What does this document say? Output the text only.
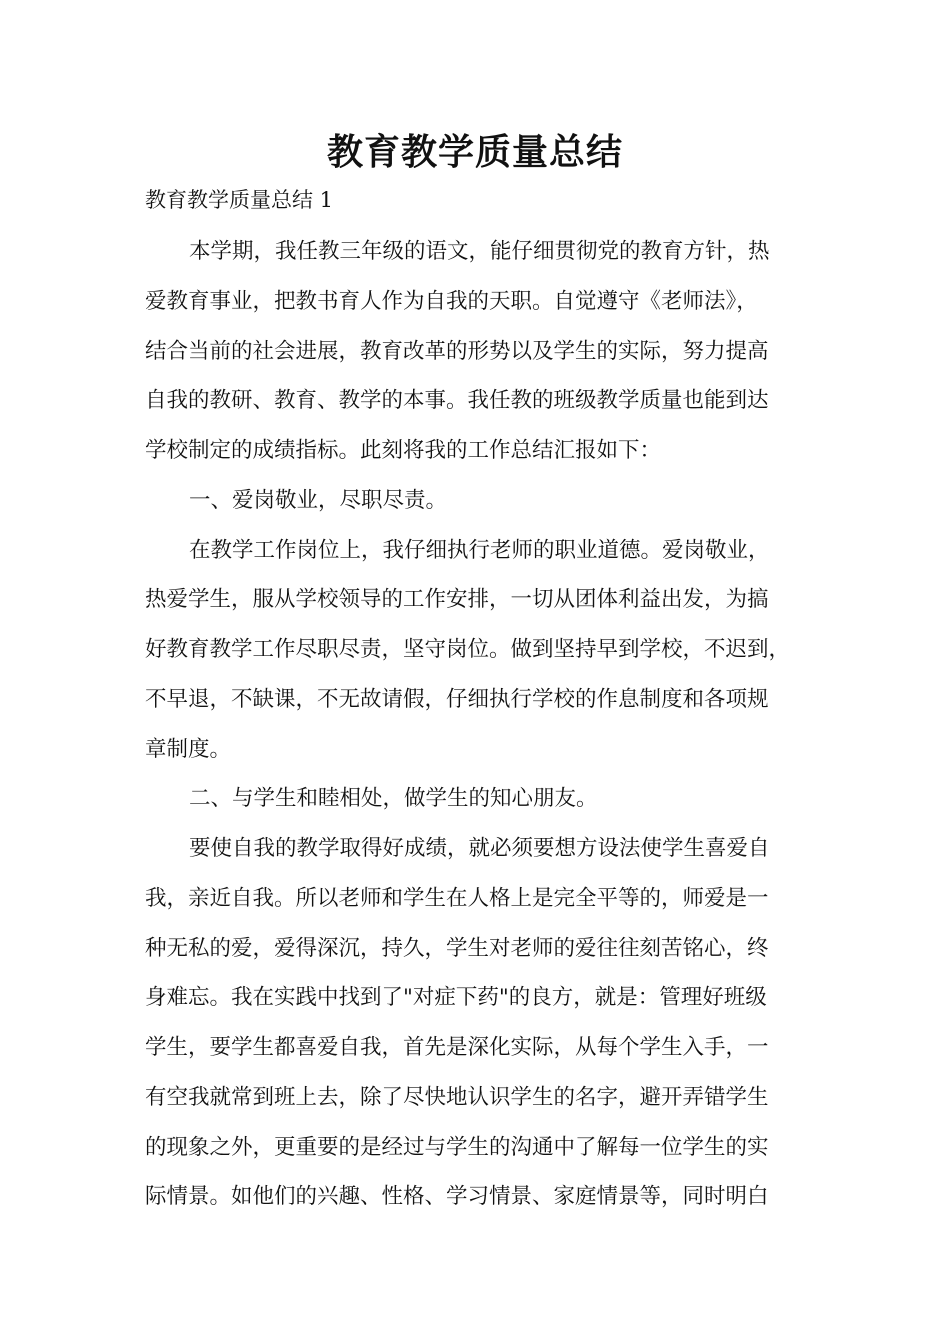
教育教学质量总结

教育教学质量总结 1

本学期，我任教三年级的语文，能仔细贯彻党的教育方针，热

爱教育事业，把教书育人作为自我的天职。自觉遵守《老师法》，

结合当前的社会进展，教育改革的形势以及学生的实际，努力提高

自我的教研、教育、教学的本事。我任教的班级教学质量也能到达

学校制定的成绩指标。此刻将我的工作总结汇报如下：

一、爱岗敬业，尽职尽责。

在教学工作岗位上，我仔细执行老师的职业道德。爱岗敬业，

热爱学生，服从学校领导的工作安排，一切从团体利益出发，为搞

好教育教学工作尽职尽责，坚守岗位。做到坚持早到学校，不迟到，

不早退，不缺课，不无故请假，仔细执行学校的作息制度和各项规

章制度。

二、与学生和睦相处，做学生的知心朋友。

要使自我的教学取得好成绩，就必须要想方设法使学生喜爱自

我，亲近自我。所以老师和学生在人格上是完全平等的，师爱是一

种无私的爱，爱得深沉，持久，学生对老师的爱往往刻苦铭心，终

身难忘。我在实践中找到了"对症下药"的良方，就是：管理好班级

学生，要学生都喜爱自我，首先是深化实际，从每个学生入手，一

有空我就常到班上去，除了尽快地认识学生的名字，避开弄错学生

的现象之外，更重要的是经过与学生的沟通中了解每一位学生的实

际情景。如他们的兴趣、性格、学习情景、家庭情景等，同时明白
